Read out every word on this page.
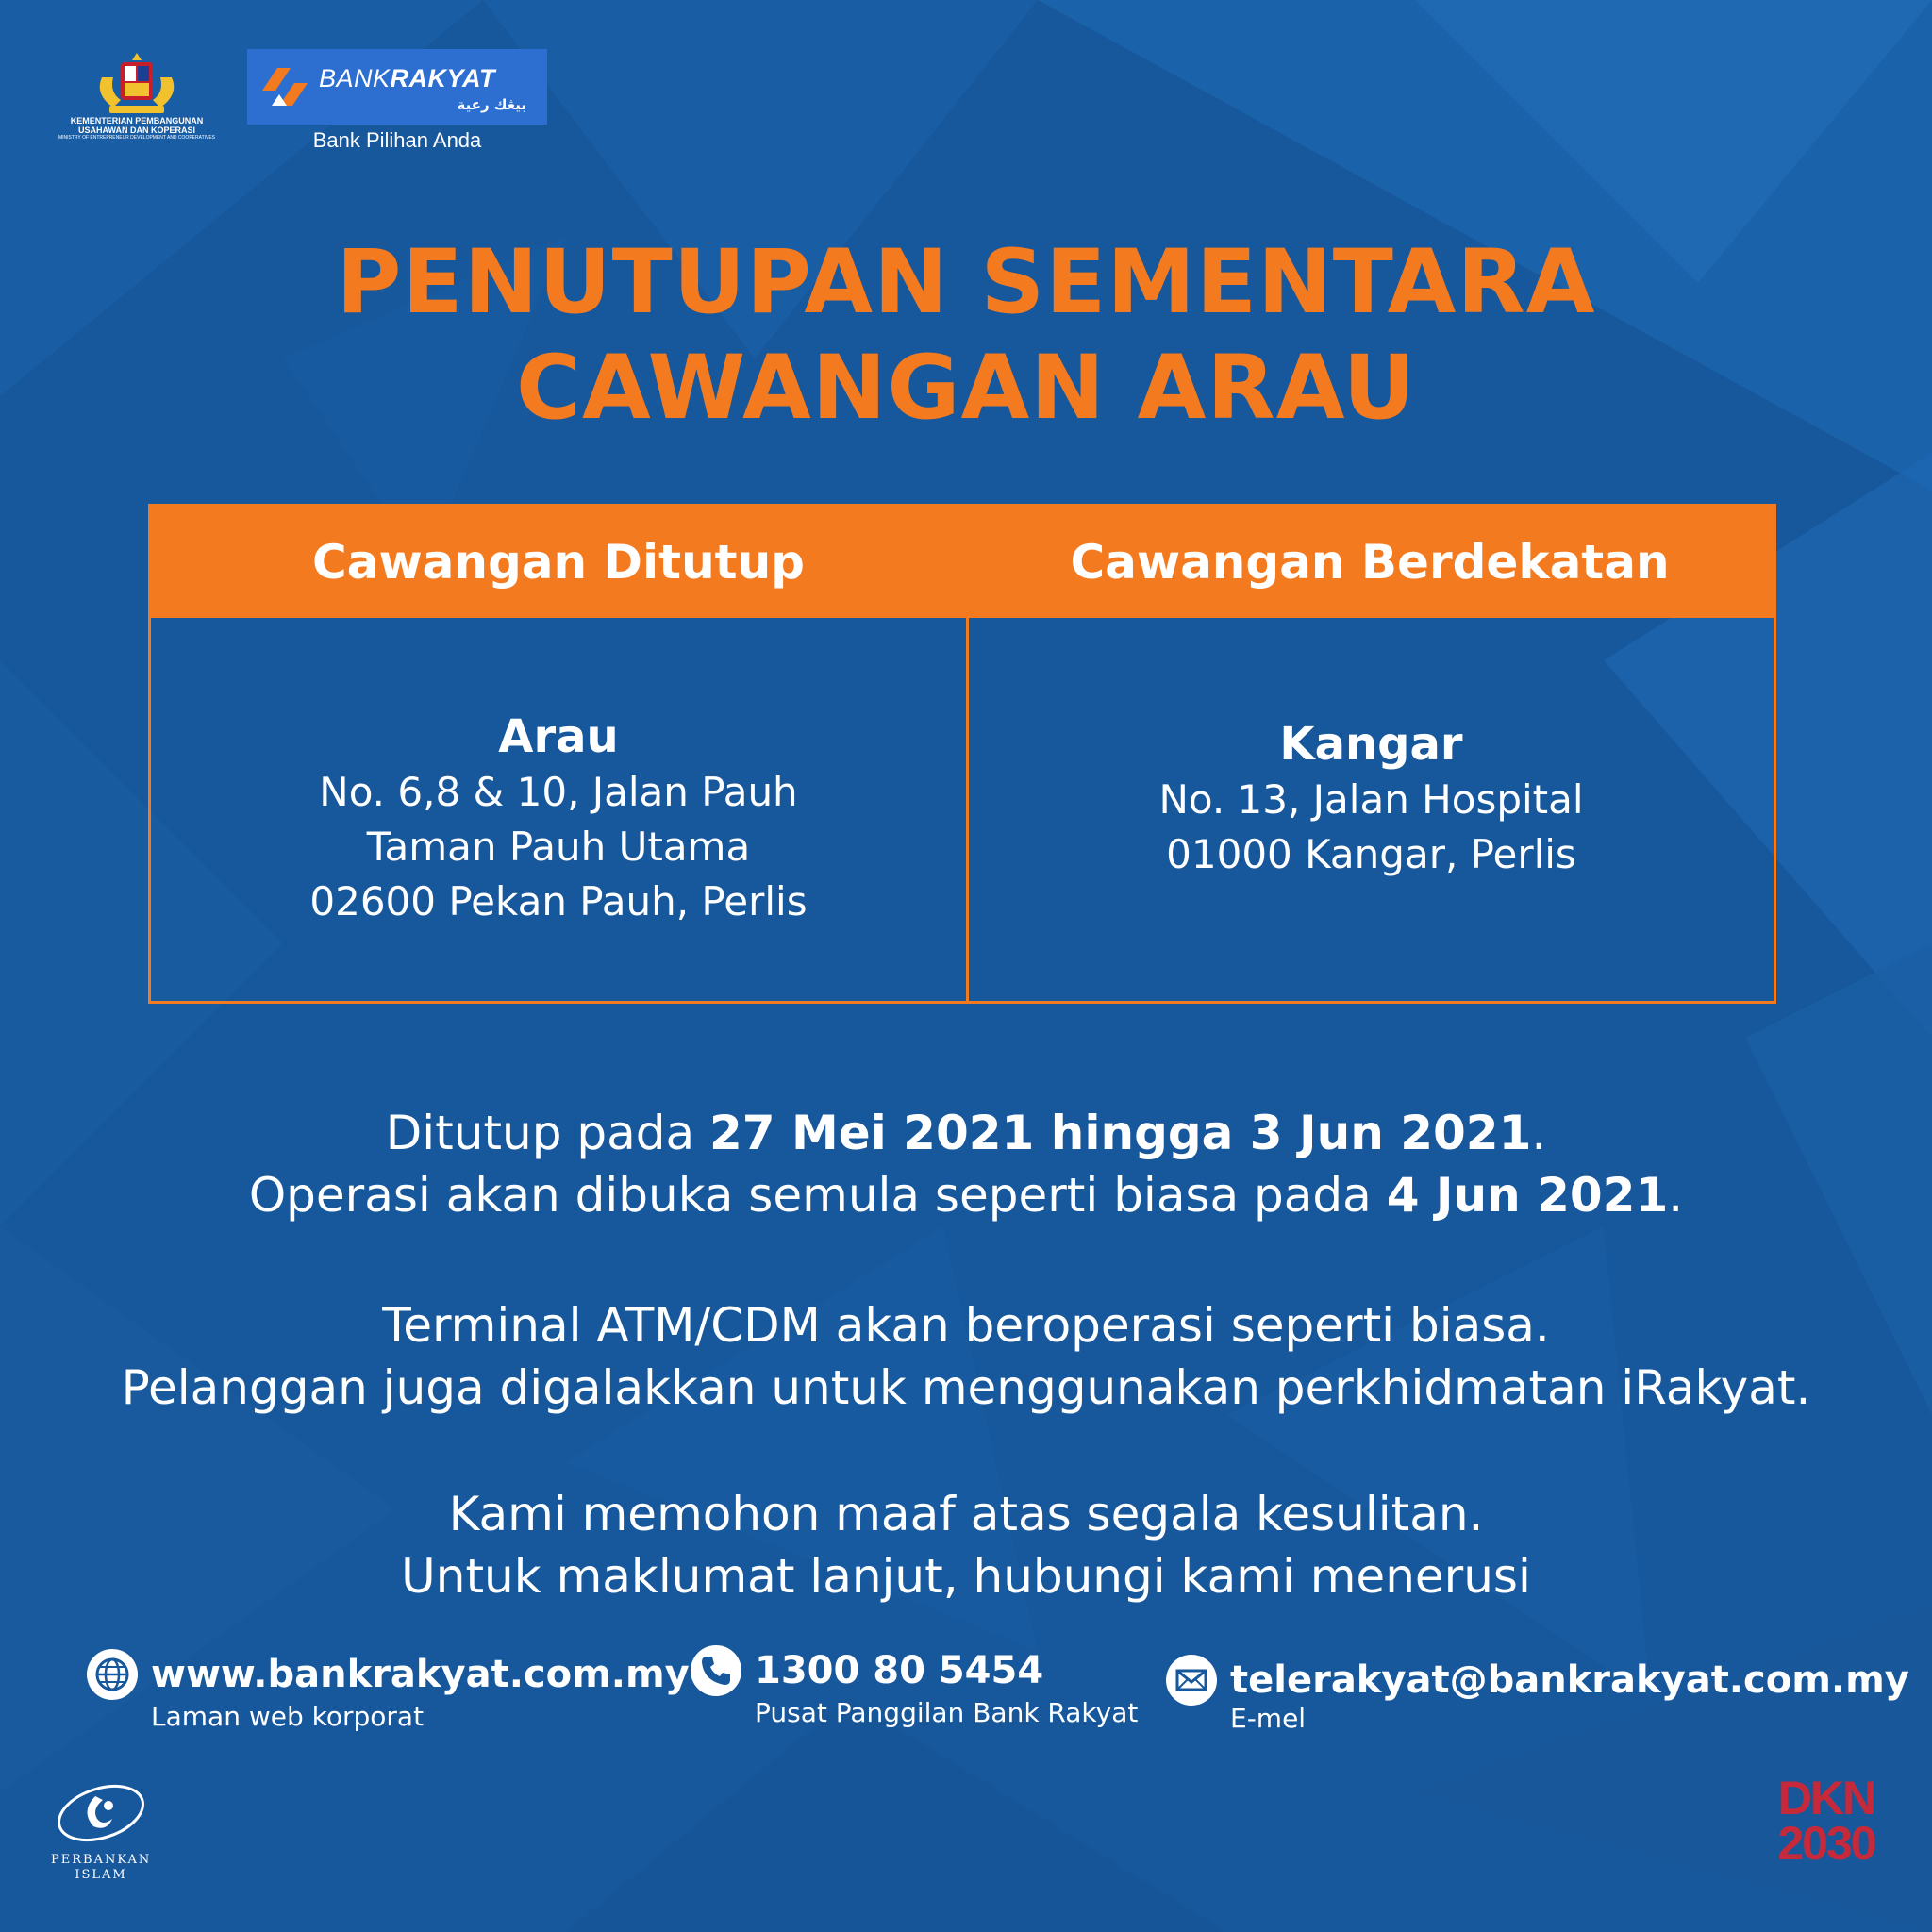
KEMENTERIAN PEMBANGUNAN
USAHAWAN DAN KOPERASI
MINISTRY OF ENTREPRENEUR DEVELOPMENT AND COOPERATIVES
BANKRAKYAT
بيڠك رعية
Bank Pilihan Anda
PENUTUPAN SEMENTARA
CAWANGAN ARAU
Cawangan Ditutup	Cawangan Berdekatan
Arau
No. 6,8 & 10, Jalan Pauh
Taman Pauh Utama
02600 Pekan Pauh, Perlis
Kangar
No. 13, Jalan Hospital
01000 Kangar, Perlis
Ditutup pada 27 Mei 2021 hingga 3 Jun 2021.
Operasi akan dibuka semula seperti biasa pada 4 Jun 2021.
Terminal ATM/CDM akan beroperasi seperti biasa.
Pelanggan juga digalakkan untuk menggunakan perkhidmatan iRakyat.
Kami memohon maaf atas segala kesulitan.
Untuk maklumat lanjut, hubungi kami menerusi
www.bankrakyat.com.my
Laman web korporat
1300 80 5454
Pusat Panggilan Bank Rakyat
telerakyat@bankrakyat.com.my
E-mel
PERBANKAN ISLAM
DKN
2030
